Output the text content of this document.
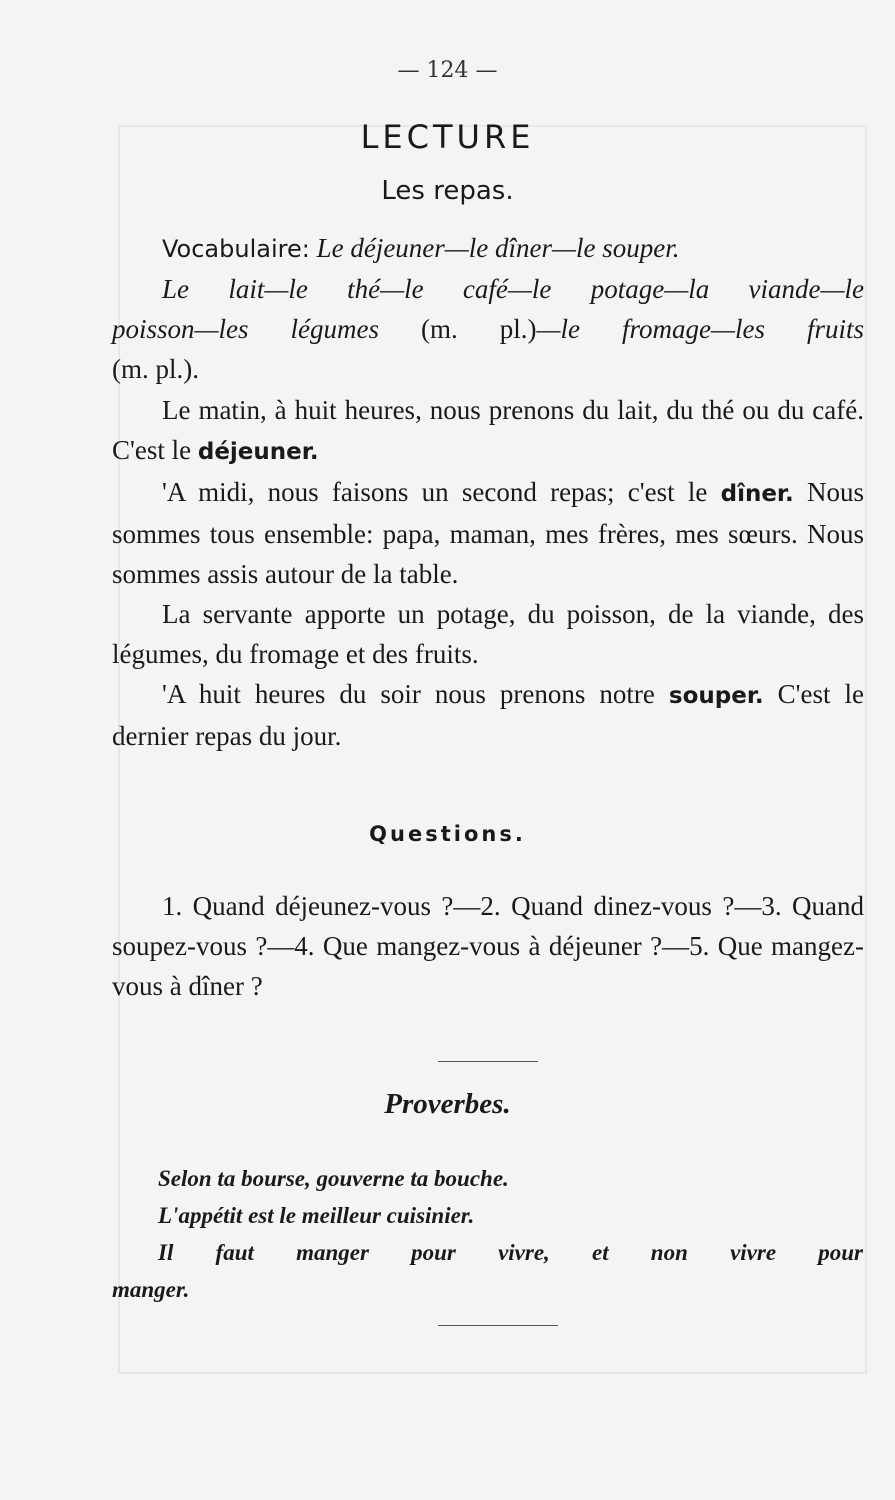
— 124 —
LECTURE
Les repas.

Vocabulaire: Le déjeuner—le dîner—le souper.

Le lait—le thé—le café—le potage—la viande—le

poisson—les légumes (m. pl.)—le fromage—les fruits

(m. pl.).

Le matin, à huit heures, nous prenons du lait, du thé ou du café. C'est le déjeuner.

'A midi, nous faisons un second repas; c'est le dîner. Nous sommes tous ensemble: papa, maman, mes frères, mes sœurs. Nous sommes assis autour de la table.

La servante apporte un potage, du poisson, de la viande, des légumes, du fromage et des fruits.

'A huit heures du soir nous prenons notre souper. C'est le dernier repas du jour.

Questions.

1. Quand déjeunez-vous ?—2. Quand dinez-vous ?—3. Quand soupez-vous ?—4. Que mangez-vous à déjeuner ?—5. Que mangez-vous à dîner ?

Proverbes.
Selon ta bourse, gouverne ta bouche.
L'appétit est le meilleur cuisinier.
Il faut manger pour vivre, et non vivre pour
manger.
